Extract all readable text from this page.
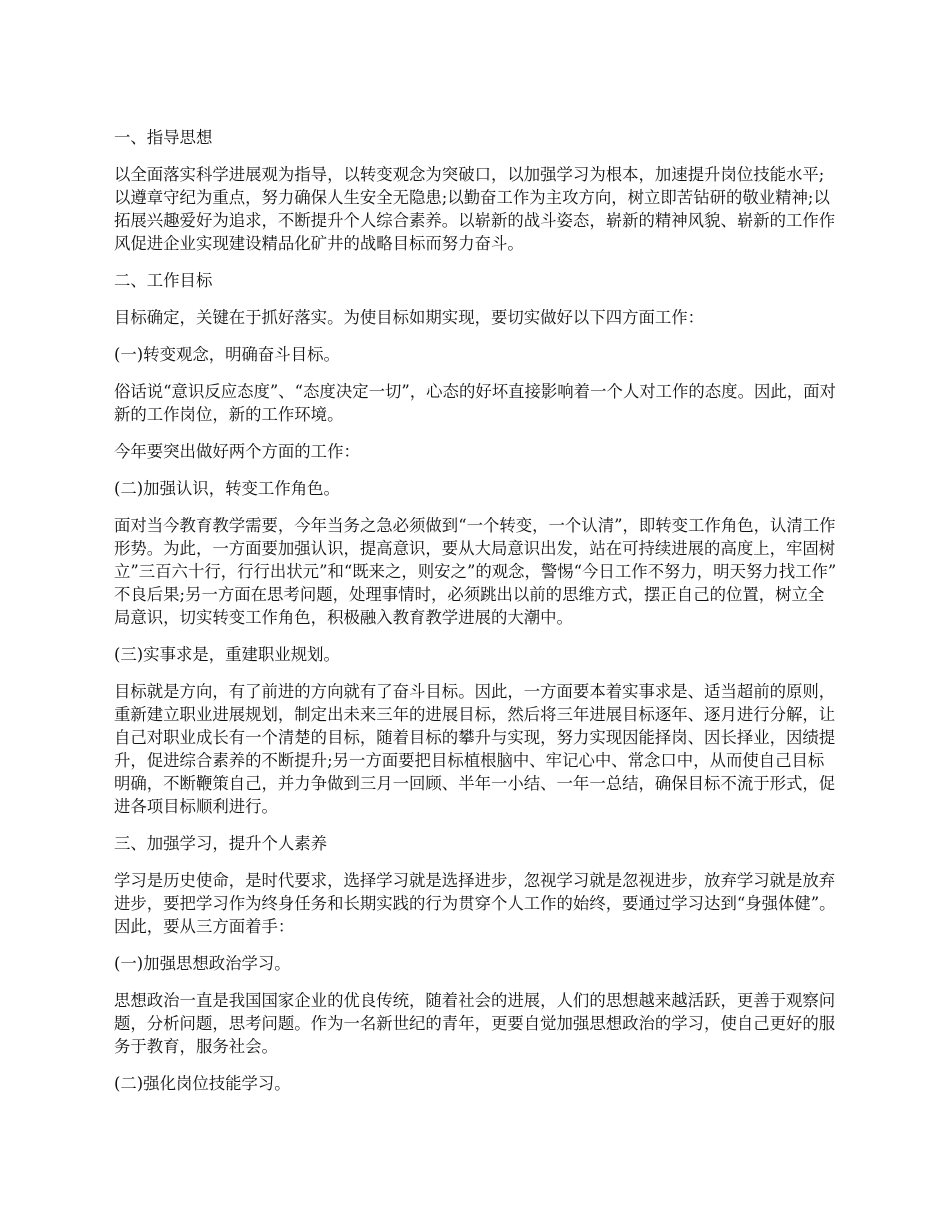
一、指导思想

以全面落实科学进展观为指导，以转变观念为突破口，以加强学习为根本，加速提升岗位技能水平;以遵章守纪为重点，努力确保人生安全无隐患;以勤奋工作为主攻方向，树立即苦钻研的敬业精神;以拓展兴趣爱好为追求，不断提升个人综合素养。以崭新的战斗姿态，崭新的精神风貌、崭新的工作作风促进企业实现建设精品化矿井的战略目标而努力奋斗。

二、工作目标

目标确定，关键在于抓好落实。为使目标如期实现，要切实做好以下四方面工作：

(一)转变观念，明确奋斗目标。

俗话说“意识反应态度”、“态度决定一切”，心态的好坏直接影响着一个人对工作的态度。因此，面对新的工作岗位，新的工作环境。

今年要突出做好两个方面的工作：

(二)加强认识，转变工作角色。

面对当今教育教学需要，今年当务之急必须做到“一个转变，一个认清”，即转变工作角色，认清工作形势。为此，一方面要加强认识，提高意识，要从大局意识出发，站在可持续进展的高度上，牢固树立”三百六十行，行行出状元”和“既来之，则安之”的观念，警惕“今日工作不努力，明天努力找工作”不良后果;另一方面在思考问题，处理事情时，必须跳出以前的思维方式，摆正自己的位置，树立全局意识，切实转变工作角色，积极融入教育教学进展的大潮中。

(三)实事求是，重建职业规划。

目标就是方向，有了前进的方向就有了奋斗目标。因此，一方面要本着实事求是、适当超前的原则，重新建立职业进展规划，制定出未来三年的进展目标，然后将三年进展目标逐年、逐月进行分解，让自己对职业成长有一个清楚的目标，随着目标的攀升与实现，努力实现因能择岗、因长择业，因绩提升，促进综合素养的不断提升;另一方面要把目标植根脑中、牢记心中、常念口中，从而使自己目标明确，不断鞭策自己，并力争做到三月一回顾、半年一小结、一年一总结，确保目标不流于形式，促进各项目标顺利进行。

三、加强学习，提升个人素养

学习是历史使命，是时代要求，选择学习就是选择进步，忽视学习就是忽视进步，放弃学习就是放弃进步，要把学习作为终身任务和长期实践的行为贯穿个人工作的始终，要通过学习达到“身强体健”。因此，要从三方面着手：

(一)加强思想政治学习。

思想政治一直是我国国家企业的优良传统，随着社会的进展，人们的思想越来越活跃，更善于观察问题，分析问题，思考问题。作为一名新世纪的青年，更要自觉加强思想政治的学习，使自己更好的服务于教育，服务社会。

(二)强化岗位技能学习。
